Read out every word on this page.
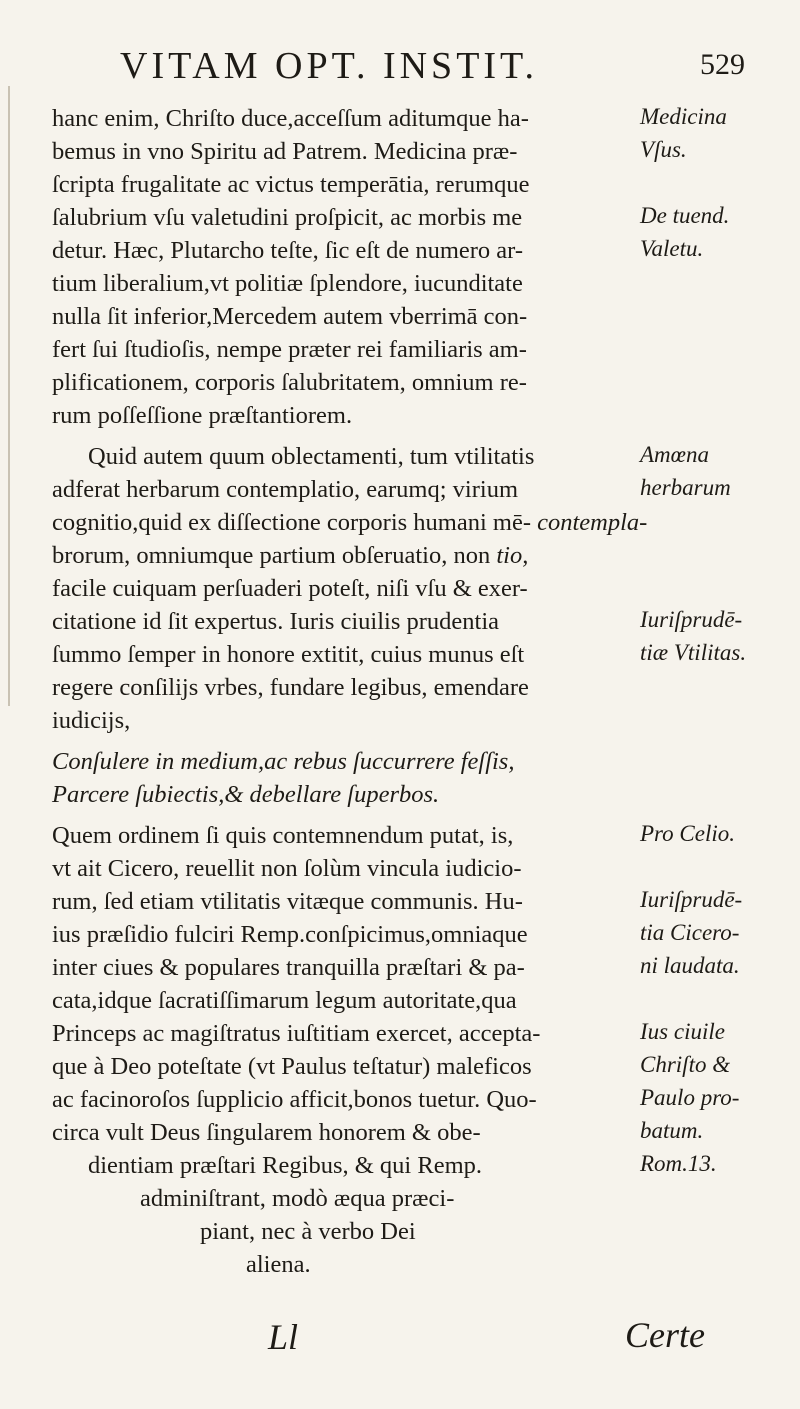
VITAM OPT. INSTIT.	529
hanc enim, Chriſto duce,acceſſum aditumque ha-
bemus in vno Spiritu ad Patrem. Medicina præ-
ſcripta frugalitate ac victus temperātia, rerumque
ſalubrium vſu valetudini proſpicit, ac morbis me
detur. Hæc, Plutarcho teſte, ſic eſt de numero ar-
tium liberalium,vt politiæ ſplendore, iucunditate
nulla ſit inferior,Mercedem autem vberrimā con-
fert ſui ſtudioſis, nempe præter rei familiaris am-
plificationem, corporis ſalubritatem, omnium re-
rum poſſeſſione præſtantiorem.
Quid autem quum oblectamenti, tum vtilitatis
adferat herbarum contemplatio, earumq; virium
cognitio,quid ex diſſectione corporis humani mē- contempla-
brorum, omniumque partium obſeruatio, non tio,
facile cuiquam perſuaderi poteſt, niſi vſu & exer-
citatione id ſit expertus. Iuris ciuilis prudentia
ſummo ſemper in honore extitit, cuius munus eſt
regere conſilijs vrbes, fundare legibus, emendare
iudicijs,
Conſulere in medium,ac rebus ſuccurrere feſſis,
Parcere ſubiectis,& debellare ſuperbos.
Quem ordinem ſi quis contemnendum putat, is,
vt ait Cicero, reuellit non ſolùm vincula iudicio-
rum, ſed etiam vtilitatis vitæque communis. Hu-
ius præſidio fulciri Remp.conſpicimus,omniaque
inter ciues & populares tranquilla præſtari & pa-
cata,idque ſacratiſſimarum legum autoritate,qua
Princeps ac magiſtratus iuſtitiam exercet, accepta-
que à Deo poteſtate (vt Paulus teſtatur) maleficos
ac facinoroſos ſupplicio afficit,bonos tuetur. Quo-
circa vult Deus ſingularem honorem & obe-
dientiam præſtari Regibus, & qui Remp.
adminiſtrant, modò æqua præci-
piant, nec à verbo Dei
aliena.
Medicina
Vſus.
De tuend.
Valetu.
Amœna
herbarum
Iuriſprudē-
tiæ Vtilitas.
Pro Celio.
Iuriſprudē-
tia Cicero-
ni laudata.
Ius ciuile
Chriſto &
Paulo pro-
batum.
Rom.13.
Ll	Certe
